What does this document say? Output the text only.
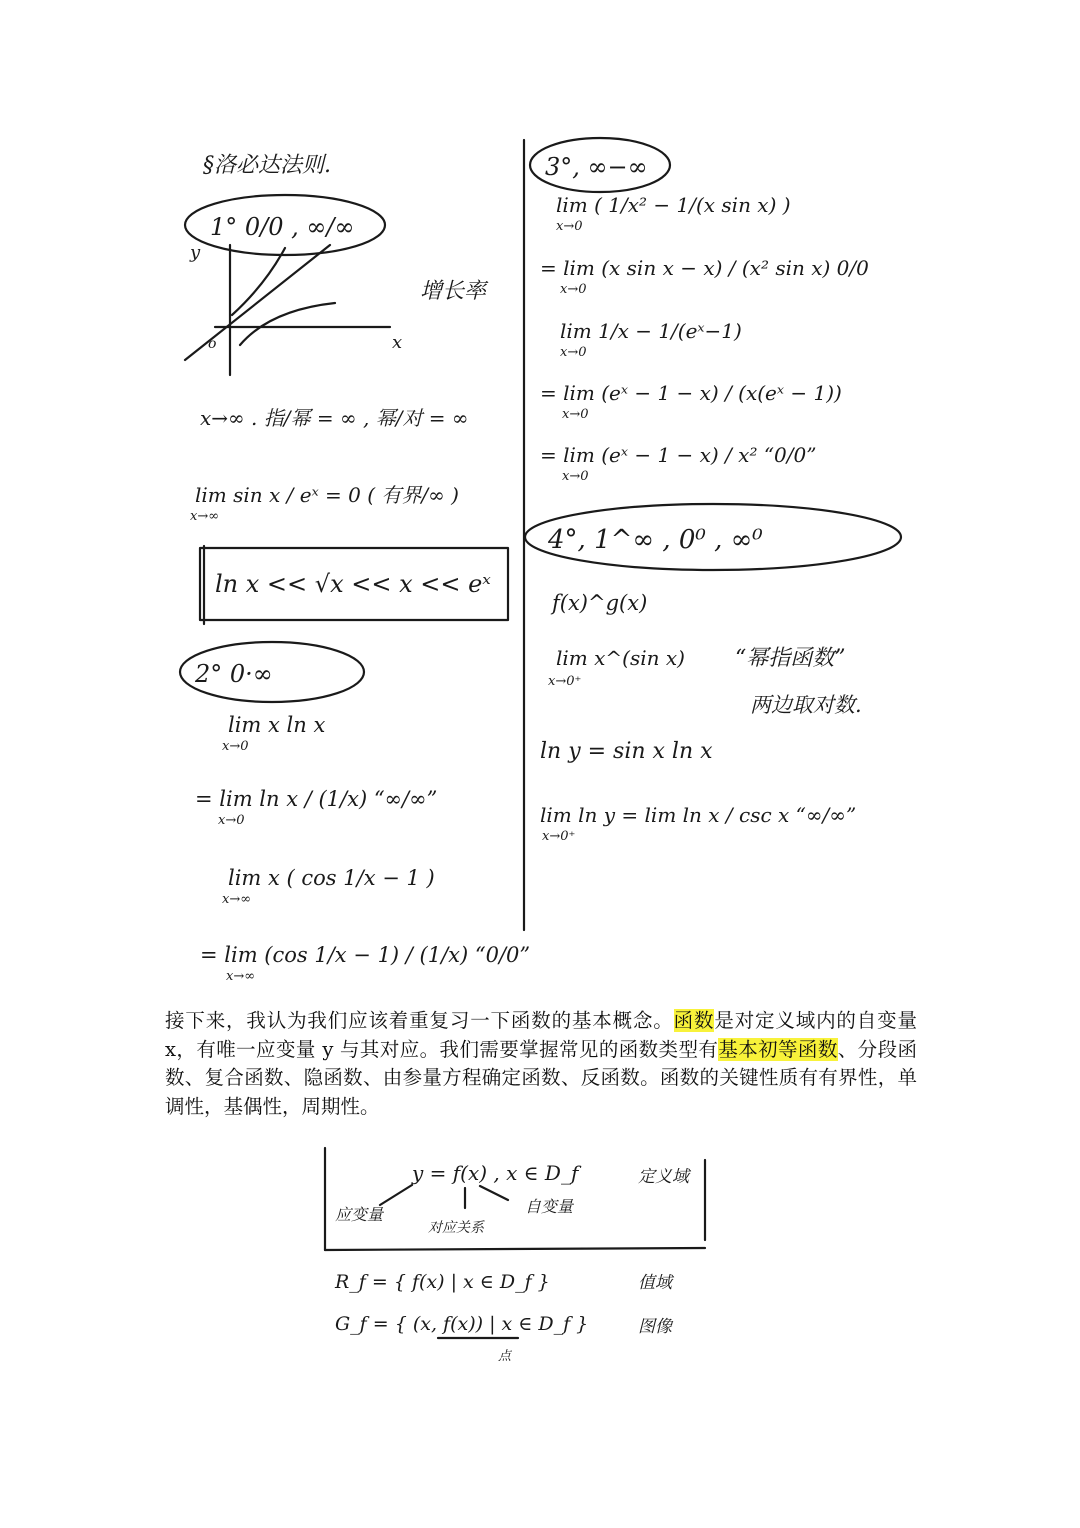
§洛必达法则.
1° 0/0 , ∞/∞
y
x
o
增长率
x→∞ . 指/幂 = ∞ , 幂/对 = ∞
lim sin x / eˣ = 0 ( 有界/∞ )
x→∞
ln x << √x << x << eˣ
2° 0·∞
lim x ln x
x→0
= lim ln x / (1/x) “∞/∞”
x→0
lim x ( cos 1/x − 1 )
x→∞
= lim (cos 1/x − 1) / (1/x) “0/0”
x→∞
3°, ∞−∞
lim ( 1/x² − 1/(x sin x) )
x→0
= lim (x sin x − x) / (x² sin x) 0/0
x→0
lim 1/x − 1/(eˣ−1)
x→0
= lim (eˣ − 1 − x) / (x(eˣ − 1))
x→0
= lim (eˣ − 1 − x) / x² “0/0”
x→0
4°, 1^∞ , 0⁰ , ∞⁰
f(x)^g(x)
lim x^(sin x)
x→0⁺
“幂指函数”
两边取对数.
ln y = sin x ln x
lim ln y = lim ln x / csc x “∞/∞”
x→0⁺
接下来，我认为我们应该着重复习一下函数的基本概念。函数是对定义域内的自变量 x，有唯一应变量 y 与其对应。我们需要掌握常见的函数类型有基本初等函数、分段函数、复合函数、隐函数、由参量方程确定函数、反函数。函数的关键性质有有界性，单调性，基偶性，周期性。
y = f(x) , x ∈ D_f	定义域
应变量
对应关系
自变量
R_f = { f(x) | x ∈ D_f }	值域
G_f = { (x, f(x)) | x ∈ D_f }	图像
点
